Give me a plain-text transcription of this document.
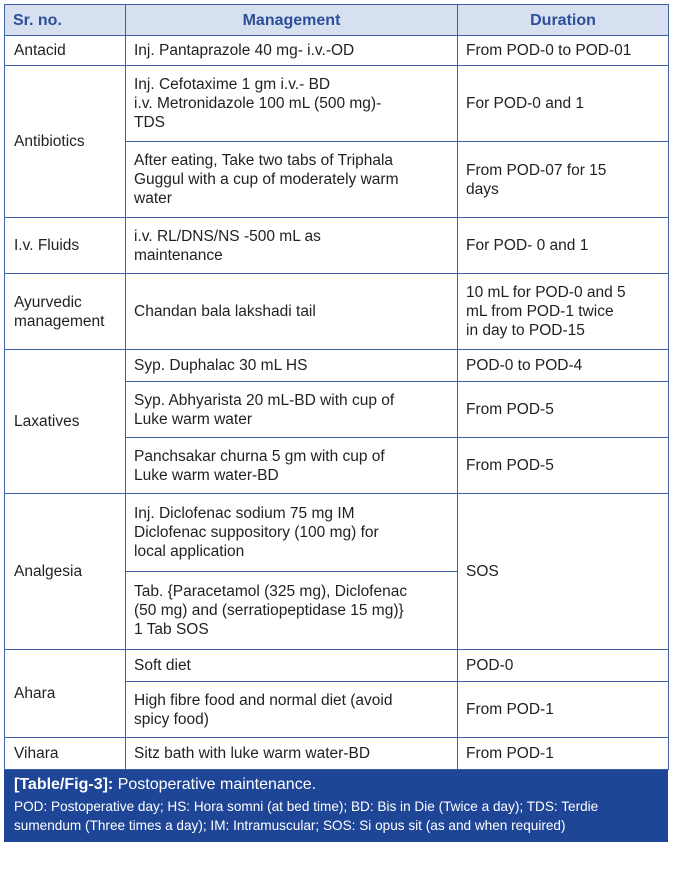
Sr. no.	Management	Duration
Antacid	Inj. Pantaprazole 40 mg- i.v.-OD	From POD-0 to POD-01
Antibiotics	Inj. Cefotaxime 1 gm i.v.- BD
i.v. Metronidazole 100 mL (500 mg)-
TDS	For POD-0 and 1
	After eating, Take two tabs of Triphala
Guggul with a cup of moderately warm
water	From POD-07 for 15
days
I.v. Fluids	i.v. RL/DNS/NS -500 mL as
maintenance	For POD- 0 and 1
Ayurvedic
management	Chandan bala lakshadi tail	10 mL for POD-0 and 5
mL from POD-1 twice
in day to POD-15
Laxatives	Syp. Duphalac 30 mL HS	POD-0 to POD-4
	Syp. Abhyarista 20 mL-BD with cup of
Luke warm water	From POD-5
	Panchsakar churna 5 gm with cup of
Luke warm water-BD	From POD-5
Analgesia	Inj. Diclofenac sodium 75 mg IM
Diclofenac suppository (100 mg) for
local application	SOS
	Tab. {Paracetamol (325 mg), Diclofenac
(50 mg) and (serratiopeptidase 15 mg)}
1 Tab SOS	
Ahara	Soft diet	POD-0
	High fibre food and normal diet (avoid
spicy food)	From POD-1
Vihara	Sitz bath with luke warm water-BD	From POD-1
[Table/Fig-3]: Postoperative maintenance.
POD: Postoperative day; HS: Hora somni (at bed time); BD: Bis in Die (Twice a day); TDS: Terdie sumendum (Three times a day); IM: Intramuscular; SOS: Si opus sit (as and when required)
